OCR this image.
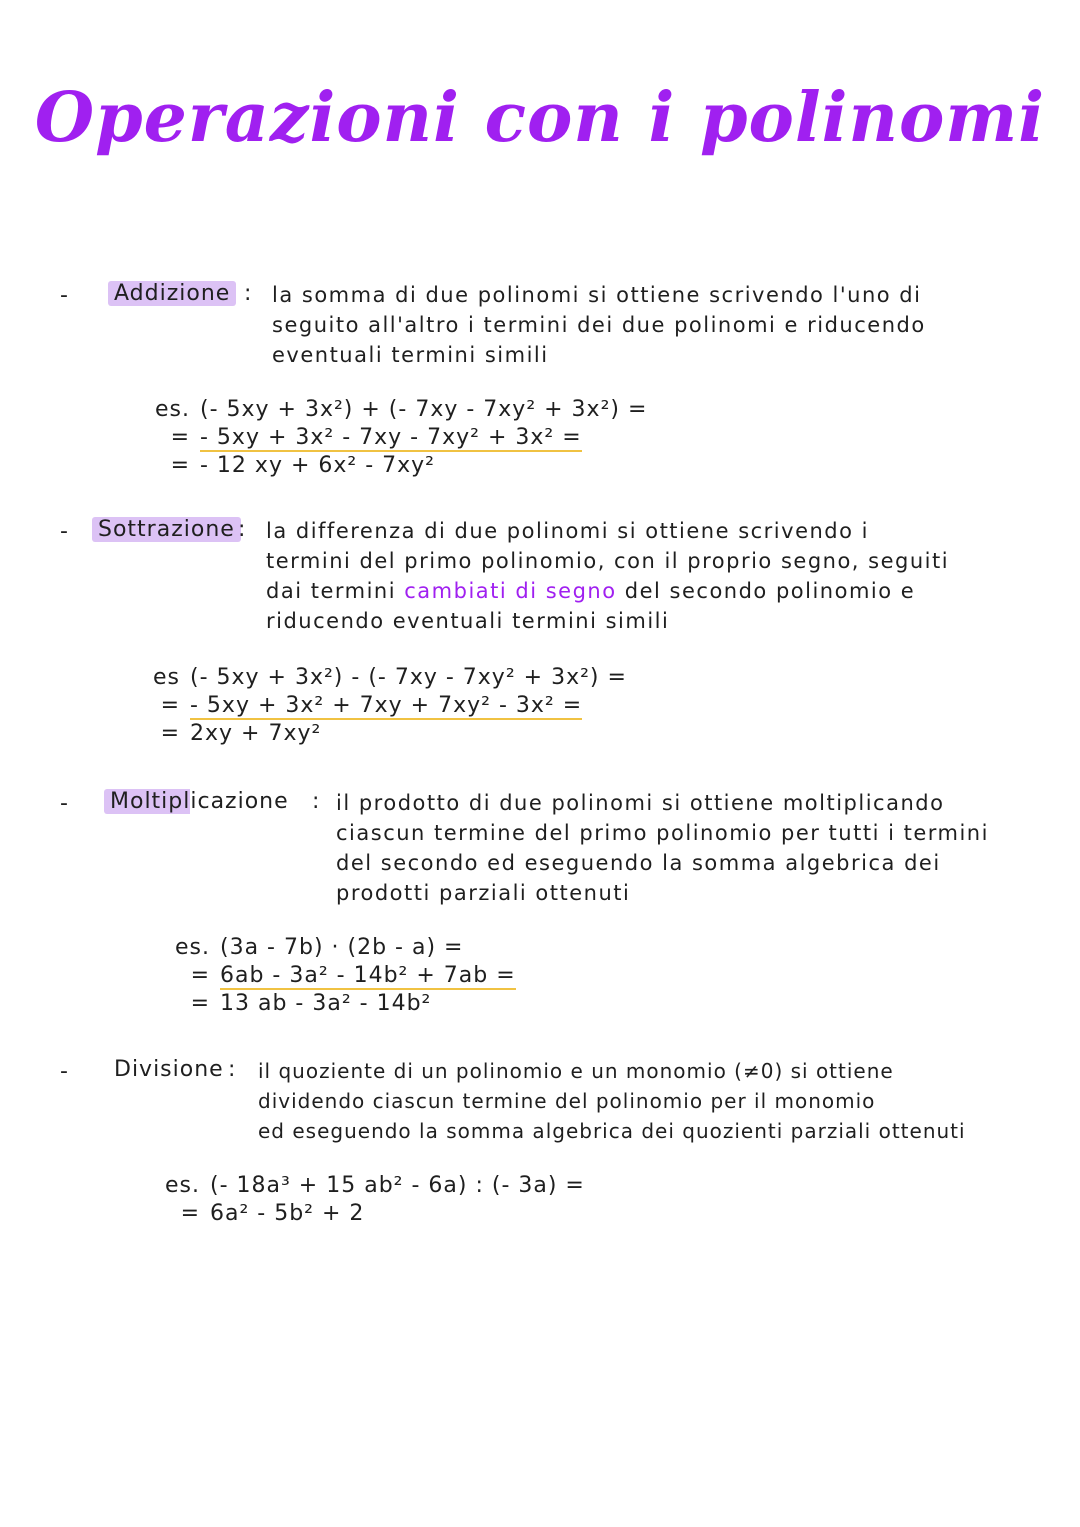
Operazioni con i polinomi
- Addizione : la somma di due polinomi si ottiene scrivendo l'uno di
seguito all'altro i termini dei due polinomi e riducendo
eventuali termini simili
es. (- 5xy + 3x²) + (- 7xy - 7xy² + 3x²) =
= - 5xy + 3x² - 7xy - 7xy² + 3x² =
= - 12 xy + 6x² - 7xy²
- Sottrazione : la differenza di due polinomi si ottiene scrivendo i
termini del primo polinomio, con il proprio segno, seguiti
dai termini cambiati di segno del secondo polinomio e
riducendo eventuali termini simili
es (- 5xy + 3x²) - (- 7xy - 7xy² + 3x²) =
= - 5xy + 3x² + 7xy + 7xy² - 3x² =
= 2xy + 7xy²
- Moltiplicazione : il prodotto di due polinomi si ottiene moltiplicando
ciascun termine del primo polinomio per tutti i termini
del secondo ed eseguendo la somma algebrica dei
prodotti parziali ottenuti
es. (3a - 7b) · (2b - a) =
= 6ab - 3a² - 14b² + 7ab =
= 13 ab - 3a² - 14b²
- Divisione : il quoziente di un polinomio e un monomio (≠0) si ottiene
dividendo ciascun termine del polinomio per il monomio
ed eseguendo la somma algebrica dei quozienti parziali ottenuti
es. (- 18a³ + 15 ab² - 6a) : (- 3a) =
= 6a² - 5b² + 2
